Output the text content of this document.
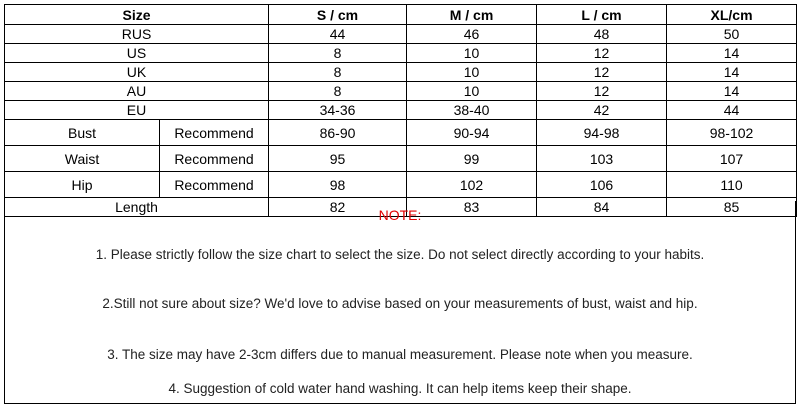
Size		S / cm	M / cm	L / cm	XL/cm
RUS		44	46	48	50
US		8	10	12	14
UK		8	10	12	14
AU		8	10	12	14
EU		34-36	38-40	42	44
Bust	Recommend	86-90	90-94	94-98	98-102
Waist	Recommend	95	99	103	107
Hip	Recommend	98	102	106	110
Length		82	83	84	85
NOTE:
1. Please strictly follow the size chart to select the size. Do not select directly according to your habits.
2.Still not sure about size? We'd love to advise based on your measurements of bust, waist and hip.
3. The size may have 2-3cm differs due to manual measurement. Please note when you measure.
4. Suggestion of cold water hand washing. It can help items keep their shape.
